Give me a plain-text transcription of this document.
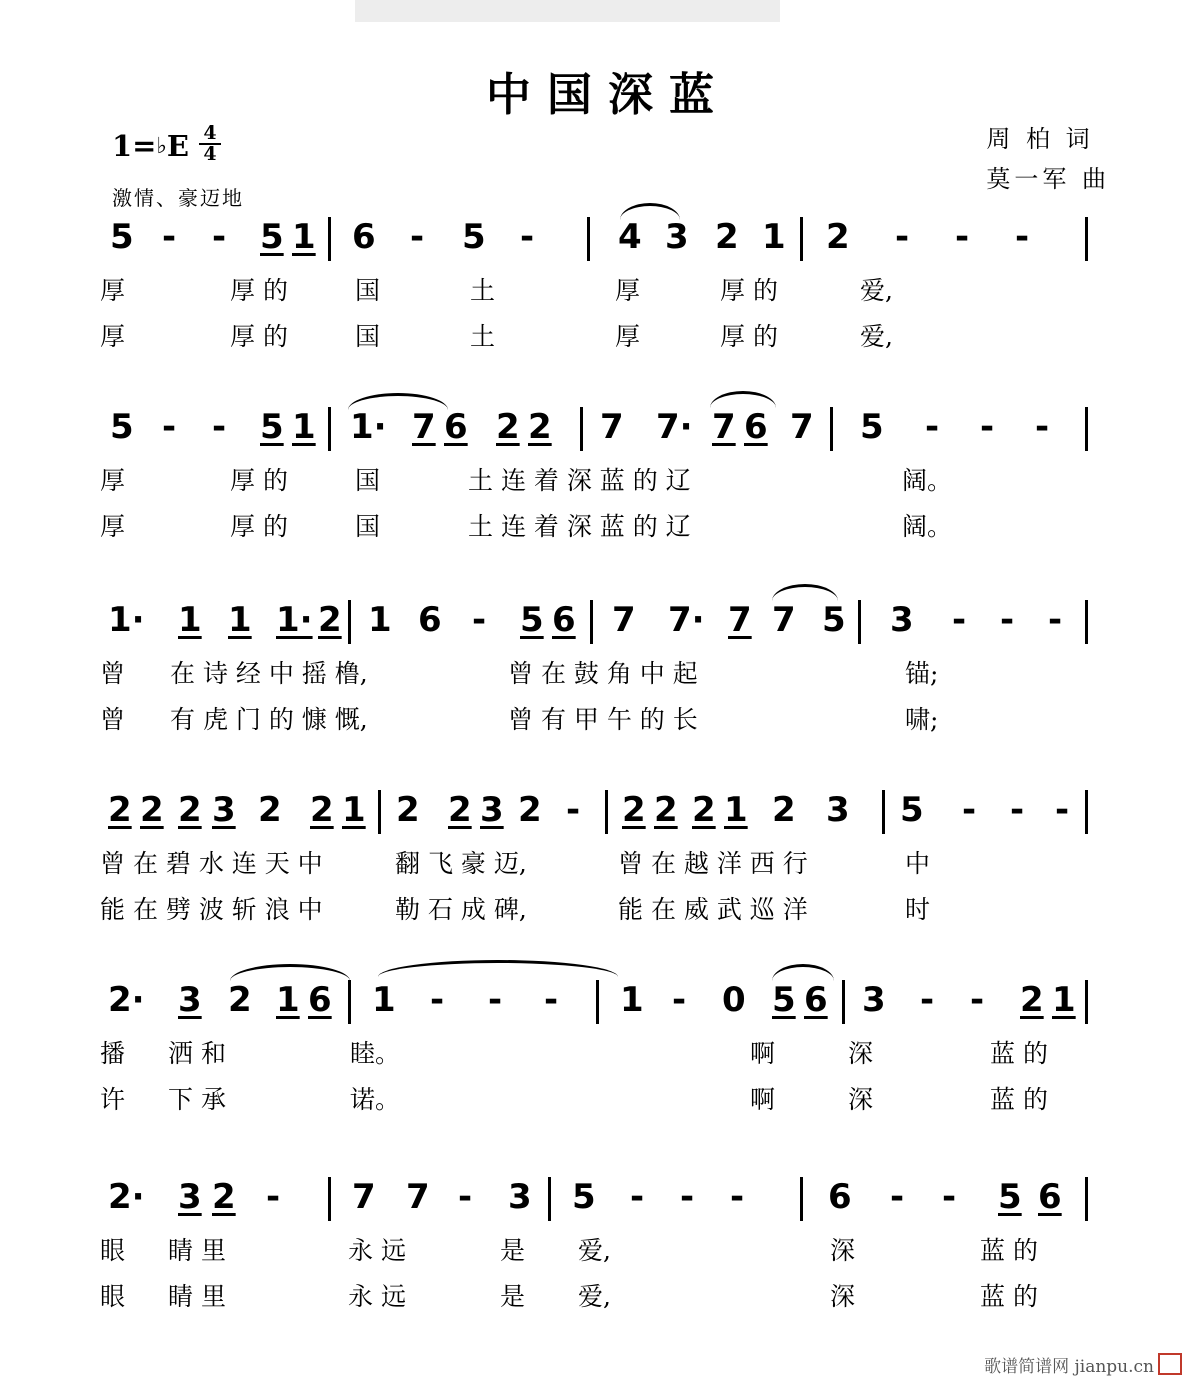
中国深蓝
1= ♭ E $\frac{4}{4}$
激情、豪迈地
周 柏 词
莫一军 曲
5 - - 5 1 6 - 5 - 4 3 2 1 2 - - -
厚	厚 的	国	土	厚	厚 的	爱,
厚	厚 的	国	土	厚	厚 的	爱,
5 - - 5 1 1· 7 6 2 2 7 7· 7 6 7 5 - - -
厚	厚 的	国	土 连 着 深 蓝 的 辽	阔。
厚	厚 的	国	土 连 着 深 蓝 的 辽	阔。
1· 1 1 1· 2 1 6 - 5 6 7 7· 7 7 5 3 - - -
曾 在 诗 经 中 摇 橹,	曾 在 鼓 角 中 起	锚;
曾 有 虎 门 的 慷 慨,	曾 有 甲 午 的 长	啸;
2 2 2 3 2 2 1 2 2 3 2 - 2 2 2 1 2 3 5 - - -
曾 在 碧 水 连 天 中	翻 飞 豪 迈,	曾 在 越 洋 西 行	中
能 在 劈 波 斩 浪 中	勒 石 成 碑,	能 在 威 武 巡 洋	时
2· 3 2 1 6 1 - - - 1 - 0 5 6 3 - - 2 1
播 洒 和	睦。	啊	深	蓝 的
许 下 承	诺。	啊	深	蓝 的
2· 3 2 - 7 7 - 3 5 - - - 6 - - 5 6
眼 睛 里	永 远	是 爱,	深	蓝 的
眼 睛 里	永 远	是 爱,	深	蓝 的
歌谱简谱网 jianpu.cn
